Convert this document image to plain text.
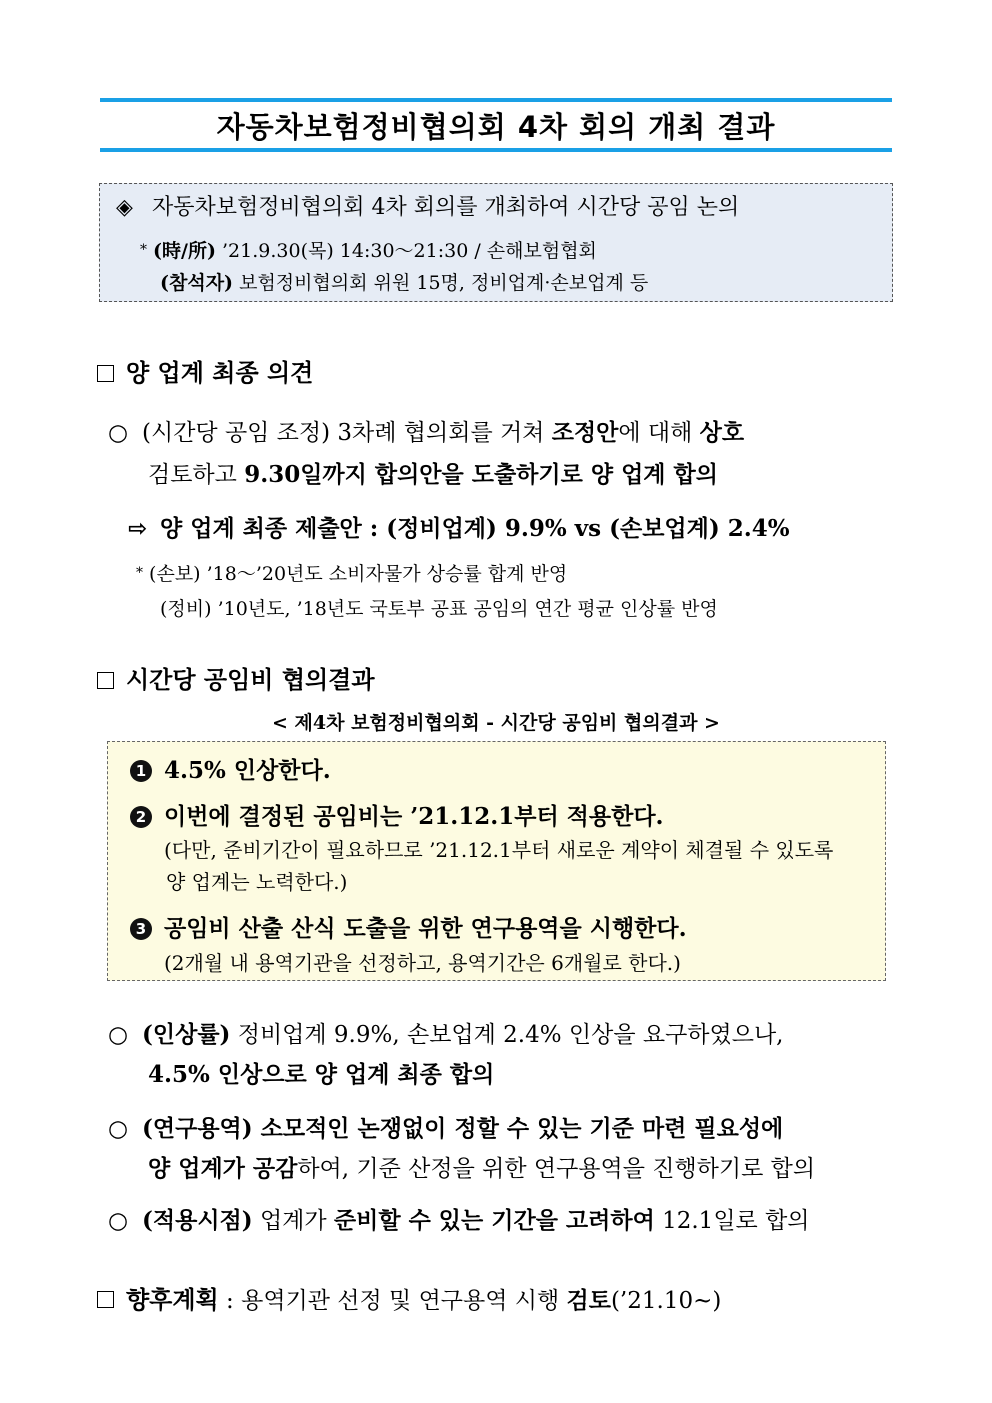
자동차보험정비협의회 4차 회의 개최 결과
◈ 자동차보험정비협의회 4차 회의를 개최하여 시간당 공임 논의
* (時/所) ’21.9.30(목) 14:30～21:30 / 손해보험협회
(참석자) 보험정비협의회 위원 15명, 정비업계·손보업계 등
양 업계 최종 의견
○ (시간당 공임 조정) 3차례 협의회를 거쳐 조정안에 대해 상호
검토하고 9.30일까지 합의안을 도출하기로 양 업계 합의
⇨ 양 업계 최종 제출안 : (정비업계) 9.9% vs (손보업계) 2.4%
* (손보) ’18～’20년도 소비자물가 상승률 합계 반영
(정비) ’10년도, ’18년도 국토부 공표 공임의 연간 평균 인상률 반영
시간당 공임비 협의결과
< 제4차 보험정비협의회 - 시간당 공임비 협의결과 >
1 4.5% 인상한다.
2 이번에 결정된 공임비는 ’21.12.1부터 적용한다.
(다만, 준비기간이 필요하므로 ’21.12.1부터 새로운 계약이 체결될 수 있도록
양 업계는 노력한다.)
3 공임비 산출 산식 도출을 위한 연구용역을 시행한다.
(2개월 내 용역기관을 선정하고, 용역기간은 6개월로 한다.)
○ (인상률) 정비업계 9.9%, 손보업계 2.4% 인상을 요구하였으나,
4.5% 인상으로 양 업계 최종 합의
○ (연구용역) 소모적인 논쟁없이 정할 수 있는 기준 마련 필요성에
양 업계가 공감하여, 기준 산정을 위한 연구용역을 진행하기로 합의
○ (적용시점) 업계가 준비할 수 있는 기간을 고려하여 12.1일로 합의
향후계획 : 용역기관 선정 및 연구용역 시행 검토(’21.10~)
